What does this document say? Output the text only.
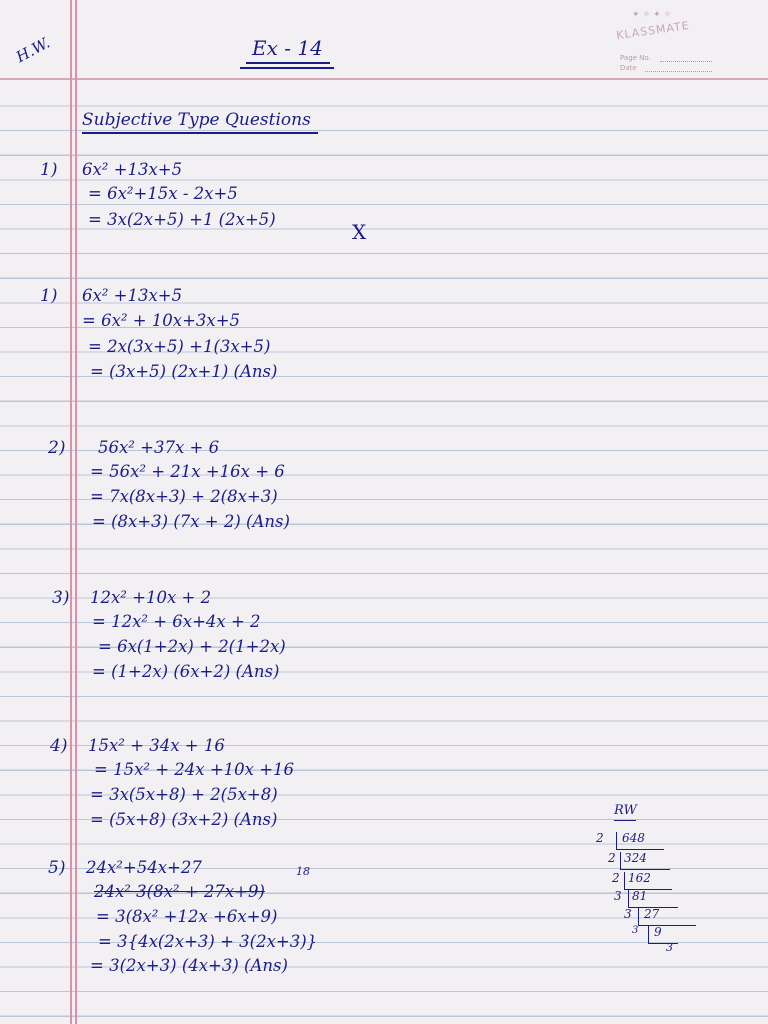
H.W.	Ex - 14
✦✧✦✧
KLASSMATE
Page No.
Date
Subjective Type Questions
1) 6x² +13x+5
= 6x²+15x - 2x+5
= 3x(2x+5) +1 (2x+5)
X
1) 6x² +13x+5
= 6x² + 10x+3x+5
= 2x(3x+5) +1(3x+5)
= (3x+5) (2x+1) (Ans)
2) 56x² +37x + 6
= 56x² + 21x +16x + 6
= 7x(8x+3) + 2(8x+3)
= (8x+3) (7x + 2) (Ans)
3) 12x² +10x + 2
= 12x² + 6x+4x + 2
= 6x(1+2x) + 2(1+2x)
= (1+2x) (6x+2) (Ans)
4) 15x² + 34x + 16
= 15x² + 24x +10x +16
= 3x(5x+8) + 2(5x+8)
= (5x+8) (3x+2) (Ans)
5) 24x²+54x+27	18
24x² 3(8x² + 27x+9)
= 3(8x² +12x +6x+9)
= 3{4x(2x+3) + 3(2x+3)}
= 3(2x+3) (4x+3) (Ans)
RW
2 648
2 324
2 162
3 81
3 27
3 9
3
